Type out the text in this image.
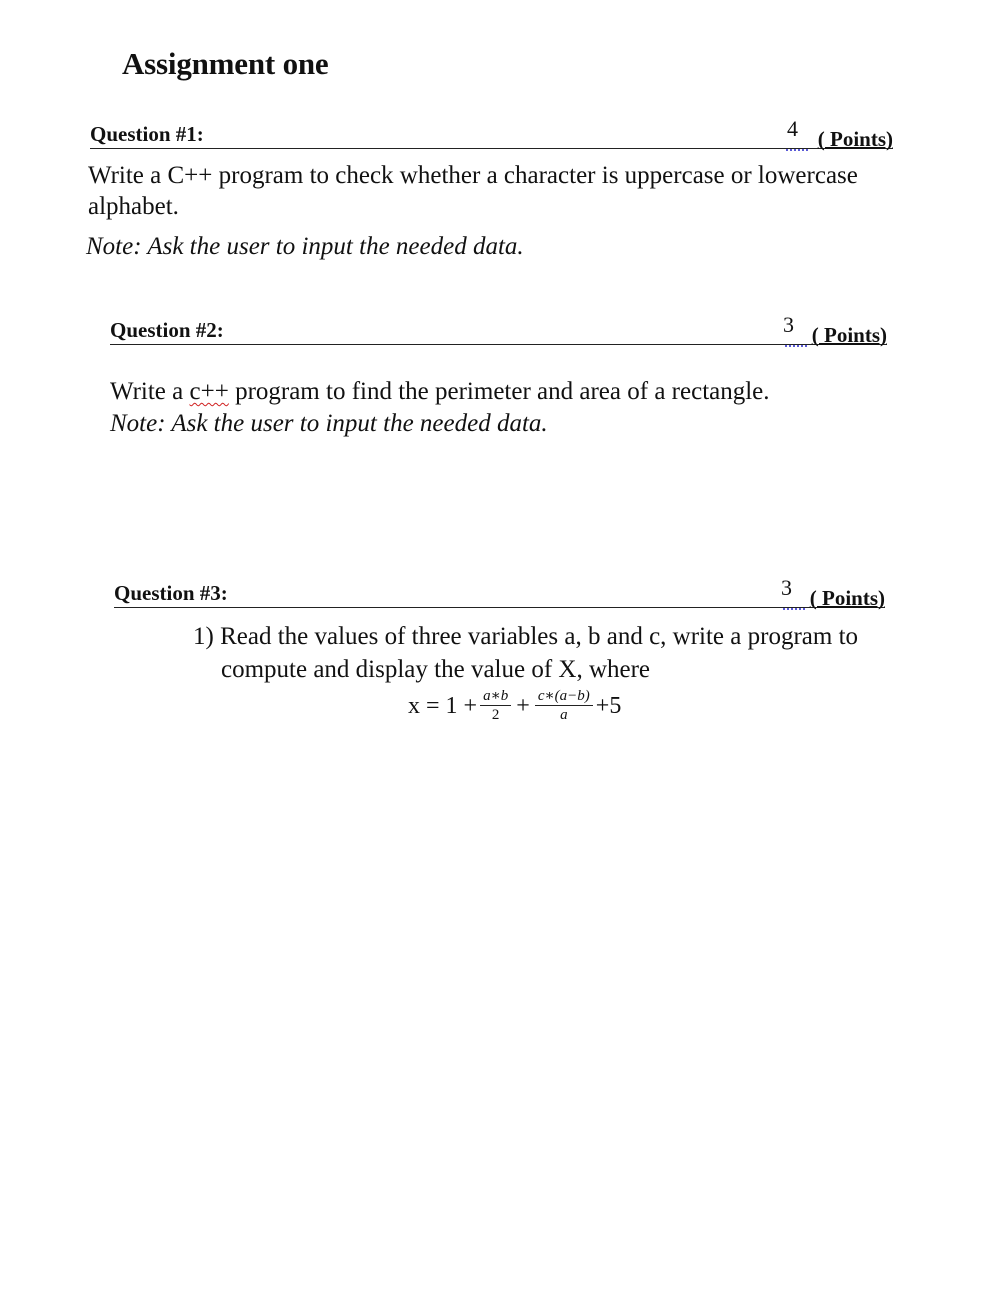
Assignment one
Question #1:	4 ( Points)
Write a C++ program to check whether a character is uppercase or lowercase alphabet.
Note: Ask the user to input the needed data.
Question #2:	3 ( Points)
Write a c++ program to find the perimeter and area of a rectangle.
Note: Ask the user to input the needed data.
Question #3:	3 ( Points)
1) Read the values of three variables a, b and c, write a program to
compute and display the value of X, where
$x = 1 + \frac{a∗b}{2} + \frac{c∗(a-b)}{a} +5$
